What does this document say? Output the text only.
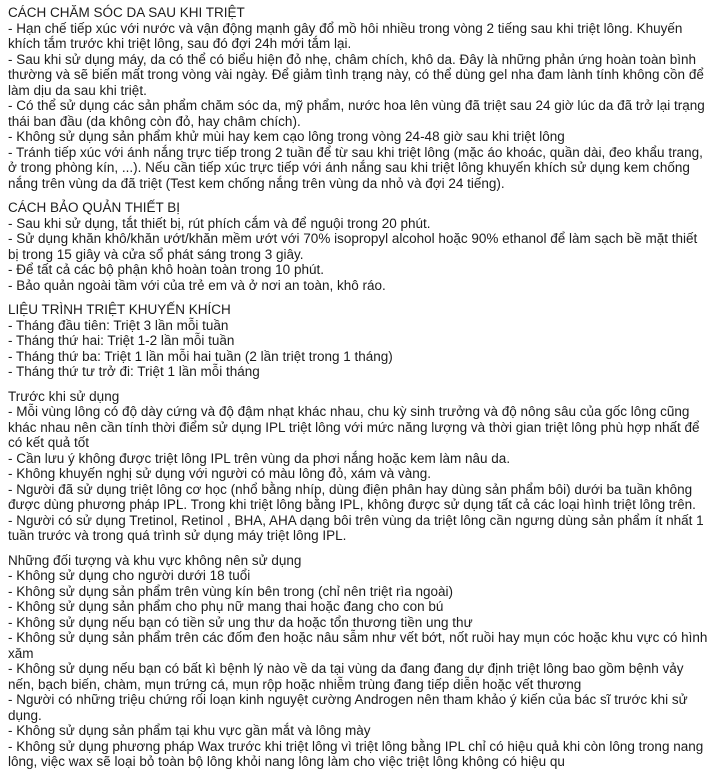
CÁCH CHĂM SÓC DA SAU KHI TRIỆT

- Hạn chế tiếp xúc với nước và vận động mạnh gây đổ mồ hôi nhiều trong vòng 2 tiếng sau khi triệt lông. Khuyến khích tắm trước khi triệt lông, sau đó đợi 24h mới tắm lại.

- Sau khi sử dụng máy, da có thể có biểu hiện đỏ nhẹ, châm chích, khô da. Đây là những phản ứng hoàn toàn bình thường và sẽ biến mất trong vòng vài ngày. Để giảm tình trạng này, có thể dùng gel nha đam lành tính không cồn để làm dịu da sau khi triệt.

- Có thể sử dụng các sản phẩm chăm sóc da, mỹ phẩm, nước hoa lên vùng đã triệt sau 24 giờ lúc da đã trở lại trạng thái ban đầu (da không còn đỏ, hay châm chích).

- Không sử dụng sản phẩm khử mùi hay kem cạo lông trong vòng 24-48 giờ sau khi triệt lông

- Tránh tiếp xúc với ánh nắng trực tiếp trong 2 tuần để từ sau khi triệt lông (mặc áo khoác, quần dài, đeo khẩu trang, ở trong phòng kín, ...). Nếu cần tiếp xúc trực tiếp với ánh nắng sau khi triệt lông khuyến khích sử dụng kem chống nắng trên vùng da đã triệt (Test kem chống nắng trên vùng da nhỏ và đợi 24 tiếng).

CÁCH BẢO QUẢN THIẾT BỊ

- Sau khi sử dụng, tắt thiết bị, rút phích cắm và để nguội trong 20 phút.

- Sử dụng khăn khô/khăn ướt/khăn mềm ướt với 70% isopropyl alcohol hoặc 90% ethanol để làm sạch bề mặt thiết bị trong 15 giây và cửa sổ phát sáng trong 3 giây.

- Để tất cả các bộ phận khô hoàn toàn trong 10 phút.

- Bảo quản ngoài tầm với của trẻ em và ở nơi an toàn, khô ráo.

LIỆU TRÌNH TRIỆT KHUYẾN KHÍCH

- Tháng đầu tiên: Triệt 3 lần mỗi tuần

- Tháng thứ hai: Triệt 1-2 lần mỗi tuần

- Tháng thứ ba: Triệt 1 lần mỗi hai tuần (2 lần triệt trong 1 tháng)

- Tháng thứ tư trở đi: Triệt 1 lần mỗi tháng

Trước khi sử dụng

- Mỗi vùng lông có độ dày cứng và độ đậm nhạt khác nhau, chu kỳ sinh trưởng và độ nông sâu của gốc lông cũng khác nhau nên cần tính thời điểm sử dụng IPL triệt lông với mức năng lượng và thời gian triệt lông phù hợp nhất để có kết quả tốt

- Cần lưu ý không được triệt lông IPL trên vùng da phơi nắng hoặc kem làm nâu da.

- Không khuyến nghị sử dụng với người có màu lông đỏ, xám và vàng.

- Người đã sử dụng triệt lông cơ học (nhổ bằng nhíp, dùng điện phân hay dùng sản phẩm bôi) dưới ba tuần không được dùng phương pháp IPL. Trong khi triệt lông bằng IPL, không được sử dụng tất cả các loại hình triệt lông trên.

- Người có sử dụng Tretinol, Retinol , BHA, AHA dạng bôi trên vùng da triệt lông cần ngưng dùng sản phẩm ít nhất 1 tuần trước và trong quá trình sử dụng máy triệt lông IPL.

Những đối tượng và khu vực không nên sử dụng

- Không sử dụng cho người dưới 18 tuổi

- Không sử dụng sản phẩm trên vùng kín bên trong (chỉ nên triệt rìa ngoài)

- Không sử dụng sản phẩm cho phụ nữ mang thai hoặc đang cho con bú

- Không sử dụng nếu bạn có tiền sử ung thư da hoặc tổn thương tiền ung thư

- Không sử dụng sản phẩm trên các đốm đen hoặc nâu sẫm như vết bớt, nốt ruồi hay mụn cóc hoặc khu vực có hình xăm

- Không sử dụng nếu bạn có bất kì bệnh lý nào về da tại vùng da đang đang dự định triệt lông bao gồm bệnh vảy nến, bạch biến, chàm, mụn trứng cá, mụn rộp hoặc nhiễm trùng đang tiếp diễn hoặc vết thương

- Người có những triệu chứng rối loạn kinh nguyệt cường Androgen nên tham khảo ý kiến của bác sĩ trước khi sử dụng.

- Không sử dụng sản phẩm tại khu vực gần mắt và lông mày

- Không sử dụng phương pháp Wax trước khi triệt lông vì triệt lông bằng IPL chỉ có hiệu quả khi còn lông trong nang lông, việc wax sẽ loại bỏ toàn bộ lông khỏi nang lông làm cho việc triệt lông không có hiệu qu
